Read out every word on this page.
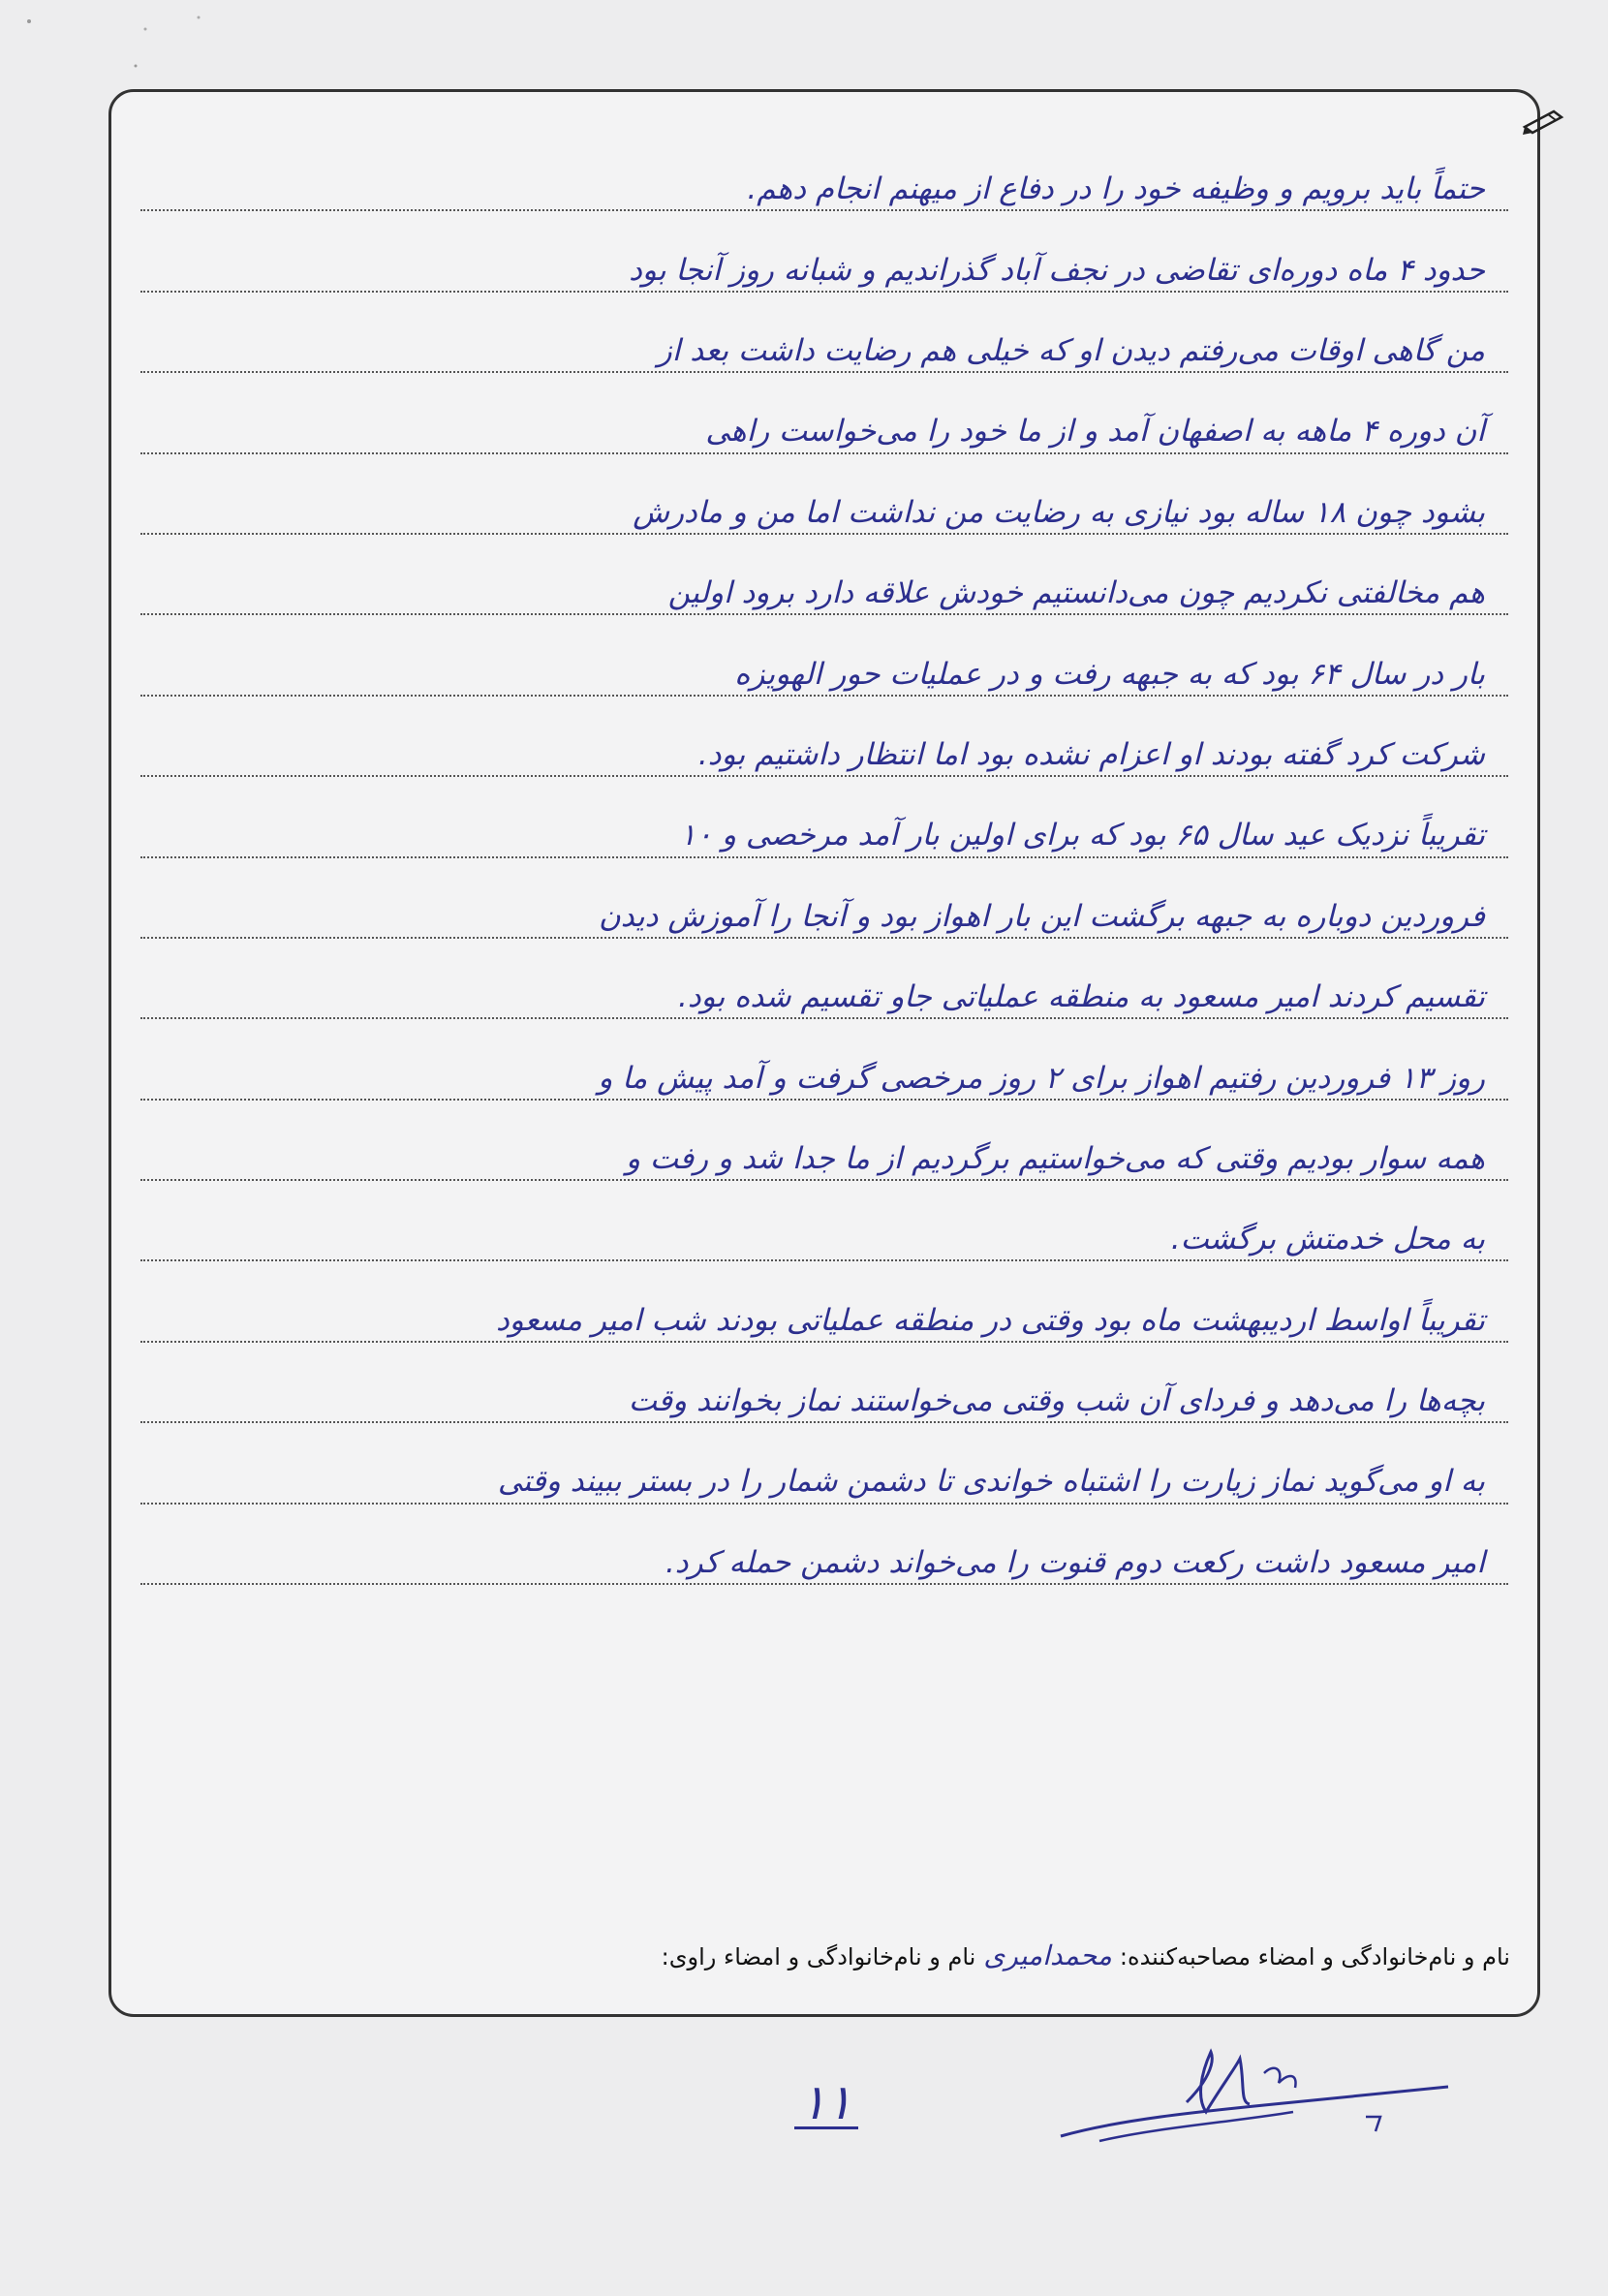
حتماً باید برویم و وظیفه خود را در دفاع از میهنم انجام دهم.
حدود ۴ ماه دوره‌ای تقاضی در نجف آباد گذراندیم و شبانه روز آنجا بود
من گاهی اوقات می‌رفتم دیدن او که خیلی هم رضایت داشت بعد از
آن دوره ۴ ماهه به اصفهان آمد و از ما خود را می‌خواست راهی
بشود چون ۱۸ ساله بود نیازی به رضایت من نداشت اما من و مادرش
هم مخالفتی نکردیم چون می‌دانستیم خودش علاقه دارد برود اولین
بار در سال ۶۴ بود که به جبهه رفت و در عملیات حور الهویزه
شرکت کرد گفته بودند او اعزام نشده بود اما انتظار داشتیم بود.
تقریباً نزدیک عید سال ۶۵ بود که برای اولین بار آمد مرخصی و ۱۰
فروردین دوباره به جبهه برگشت این بار اهواز بود و آنجا را آموزش دیدن
تقسیم کردند امیر مسعود به منطقه عملیاتی جاو تقسیم شده بود.
روز ۱۳ فروردین رفتیم اهواز برای ۲ روز مرخصی گرفت و آمد پیش ما و
همه سوار بودیم وقتی که می‌خواستیم برگردیم از ما جدا شد و رفت و
به محل خدمتش برگشت.
تقریباً اواسط اردیبهشت ماه بود وقتی در منطقه عملیاتی بودند شب امیر مسعود
بچه‌ها را می‌دهد و فردای آن شب وقتی می‌خواستند نماز بخوانند وقت
به او می‌گوید نماز زیارت را اشتباه خواندی تا دشمن شمار را در بستر ببیند وقتی
امیر مسعود داشت رکعت دوم قنوت را می‌خواند دشمن حمله کرد.
نام و نام‌خانوادگی و امضاء مصاحبه‌کننده:
محمدامیری
نام و نام‌خانوادگی و امضاء راوی:
۱۱
